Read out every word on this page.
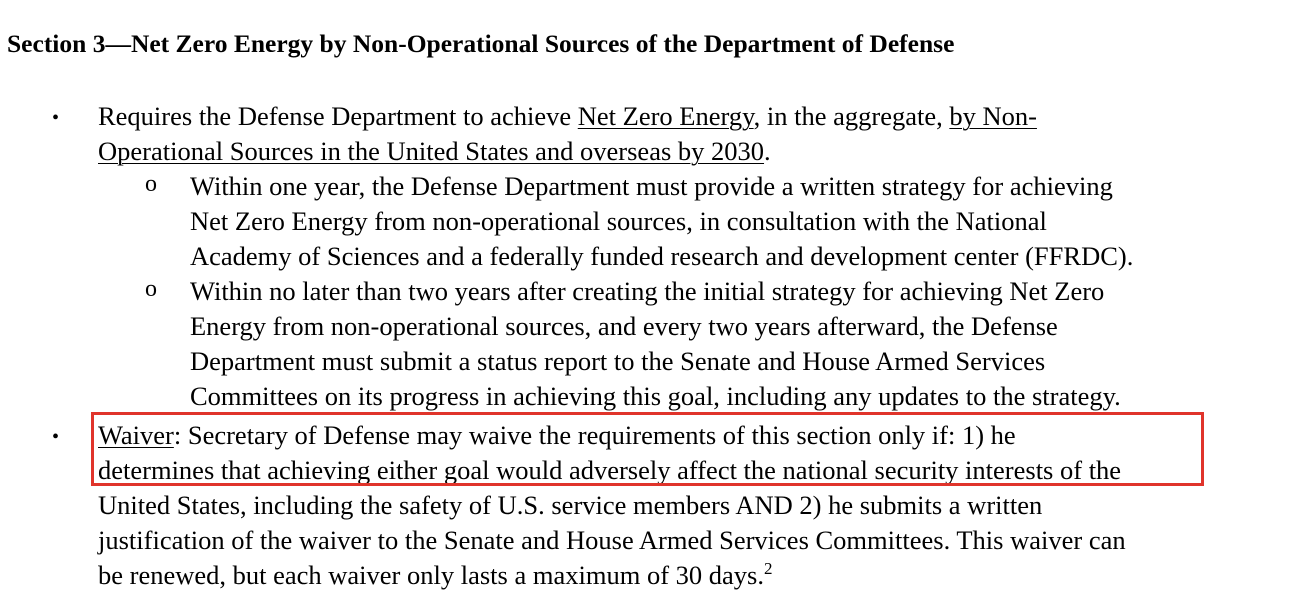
Section 3—Net Zero Energy by Non-Operational Sources of the Department of Defense
• Requires the Defense Department to achieve Net Zero Energy, in the aggregate, by Non-
Operational Sources in the United States and overseas by 2030.
o Within one year, the Defense Department must provide a written strategy for achieving
Net Zero Energy from non-operational sources, in consultation with the National
Academy of Sciences and a federally funded research and development center (FFRDC).
o Within no later than two years after creating the initial strategy for achieving Net Zero
Energy from non-operational sources, and every two years afterward, the Defense
Department must submit a status report to the Senate and House Armed Services
Committees on its progress in achieving this goal, including any updates to the strategy.
• Waiver: Secretary of Defense may waive the requirements of this section only if: 1) he
determines that achieving either goal would adversely affect the national security interests of the
United States, including the safety of U.S. service members AND 2) he submits a written
justification of the waiver to the Senate and House Armed Services Committees. This waiver can
be renewed, but each waiver only lasts a maximum of 30 days.$^2$
